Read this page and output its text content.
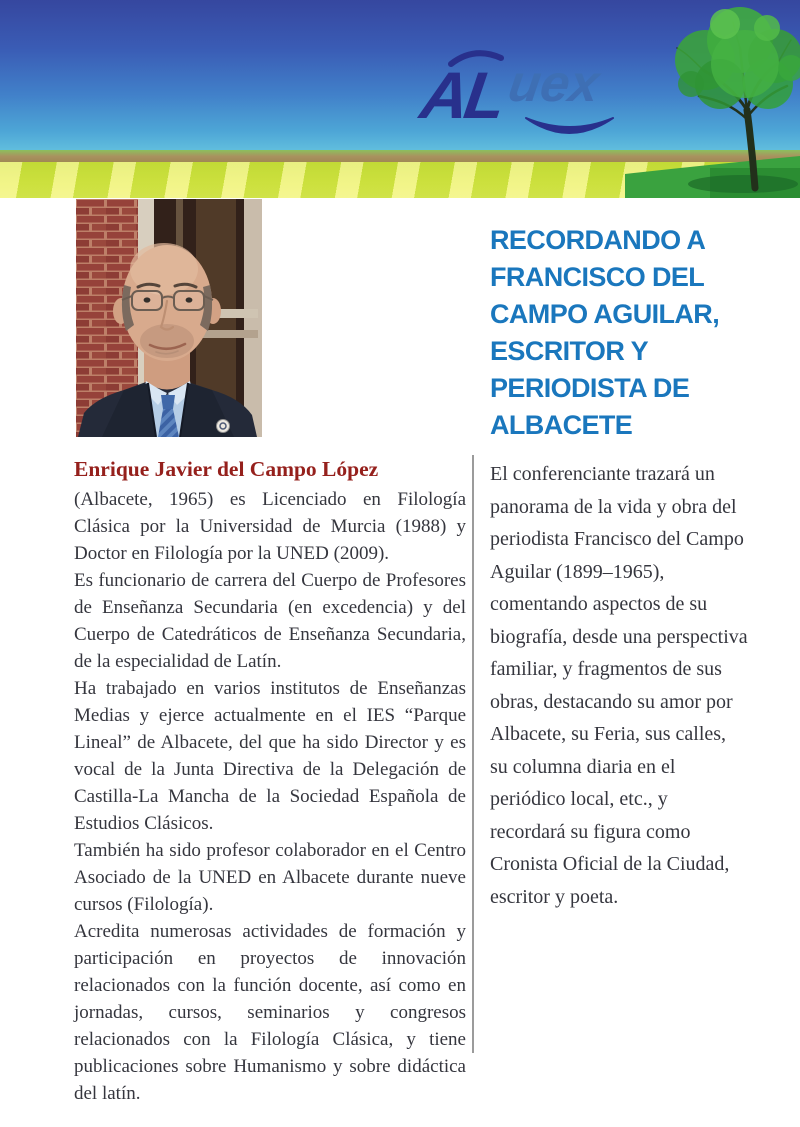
AL
uex
RECORDANDO A
FRANCISCO DEL
CAMPO AGUILAR,
ESCRITOR Y
PERIODISTA DE
ALBACETE
Enrique Javier del Campo López

(Albacete, 1965) es Licenciado en Filología Clásica por la Universidad de Murcia (1988) y Doctor en Filología por la UNED (2009).

Es funcionario de carrera del Cuerpo de Profesores de Enseñanza Secundaria (en excedencia) y del Cuerpo de Catedráticos de Enseñanza Secundaria, de la especialidad de Latín.

Ha trabajado en varios institutos de Enseñanzas Medias y ejerce actualmente en el IES “Parque Lineal” de Albacete, del que ha sido Director y es vocal de la Junta Directiva de la Delegación de Castilla-La Mancha de la Sociedad Española de Estudios Clásicos.

También ha sido profesor colaborador en el Centro Asociado de la UNED en Albacete durante nueve cursos (Filología).

Acredita numerosas actividades de formación y participación en proyectos de innovación relacionados con la función docente, así como en jornadas, cursos, seminarios y congresos relacionados con la Filología Clásica, y tiene publicaciones sobre Humanismo y sobre didáctica del latín.

El conferenciante trazará un panorama de la vida y obra del periodista Francisco del Campo Aguilar (1899–1965), comentando aspectos de su biografía, desde una perspectiva familiar, y fragmentos de sus obras, destacando su amor por Albacete, su Feria, sus calles, su columna diaria en el periódico local, etc., y recordará su figura como Cronista Oficial de la Ciudad, escritor y poeta.
